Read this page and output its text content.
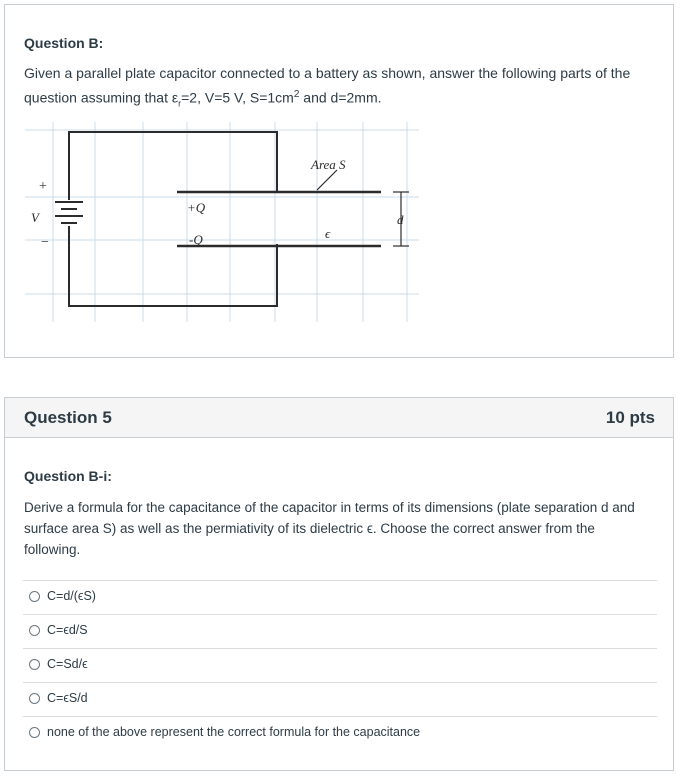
Question B:
Given a parallel plate capacitor connected to a battery as shown, answer the following parts of the question assuming that $\varepsilon_r=2$, V=5 V, $S=1cm^2$ and d=2mm.
Area S
+Q
-Q	ϵ
d
V
+
−
Question 5	10 pts
Question B-i:
Derive a formula for the capacitance of the capacitor in terms of its dimensions (plate separation d and surface area S) as well as the permiativity of its dielectric ϵ. Choose the correct answer from the following.
C=d/(ϵS)
C=ϵd/S
C=Sd/ϵ
C=ϵS/d
none of the above represent the correct formula for the capacitance
